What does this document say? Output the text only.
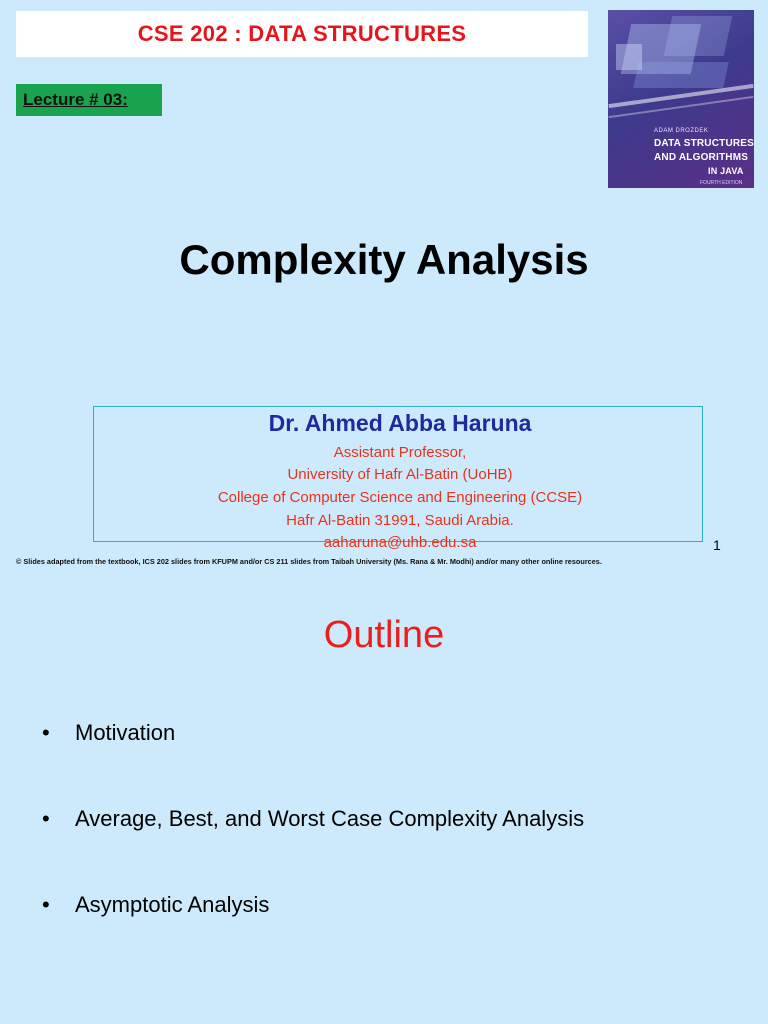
CSE 202 : DATA STRUCTURES
Lecture # 03:
ADAM DROZDEK
DATA STRUCTURES
AND ALGORITHMS
IN JAVA
FOURTH EDITION
Complexity Analysis
Dr. Ahmed Abba Haruna
Assistant Professor,
University of Hafr Al-Batin (UoHB)
College of Computer Science and Engineering (CCSE)
Hafr Al-Batin 31991, Saudi Arabia.
aaharuna@uhb.edu.sa	1
© Slides adapted from the textbook, ICS 202 slides from KFUPM and/or CS 211 slides from Taibah University (Ms. Rana & Mr. Modhi) and/or many other online resources.
Outline
• Motivation
• Average, Best, and Worst Case Complexity Analysis
• Asymptotic Analysis
